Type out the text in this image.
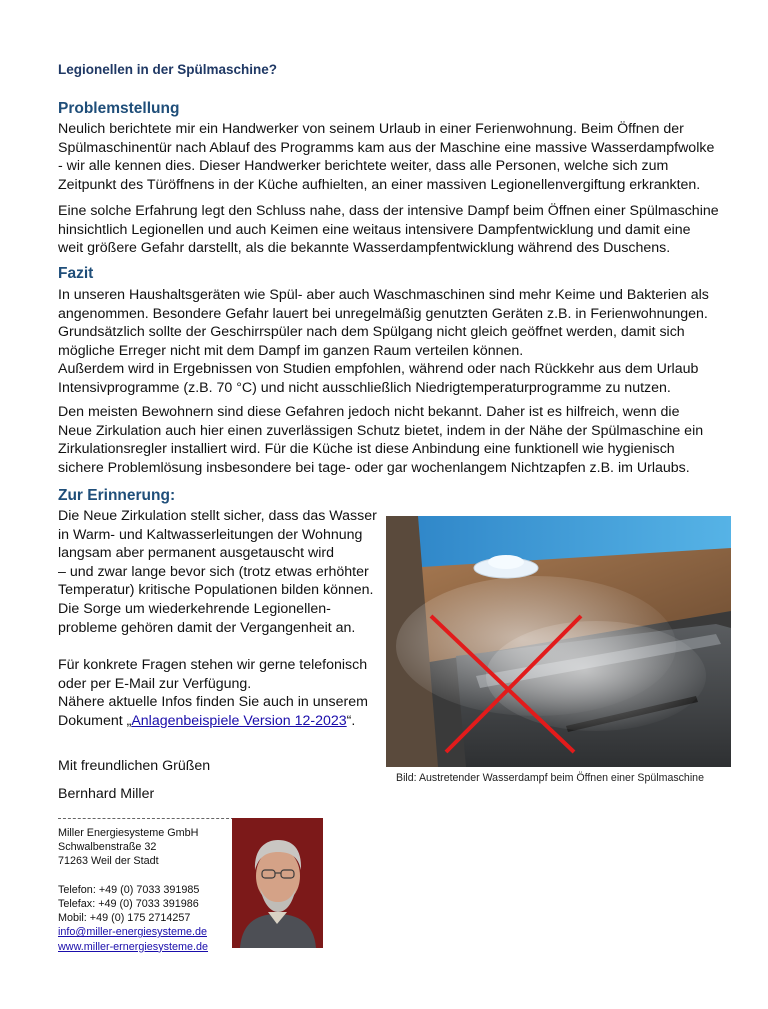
Legionellen in der Spülmaschine?
Problemstellung
Neulich berichtete mir ein Handwerker von seinem Urlaub in einer Ferienwohnung. Beim Öffnen der
Spülmaschinentür nach Ablauf des Programms kam aus der Maschine eine massive Wasserdampfwolke
- wir alle kennen dies. Dieser Handwerker berichtete weiter, dass alle Personen, welche sich zum
Zeitpunkt des Türöffnens in der Küche aufhielten, an einer massiven Legionellenvergiftung erkrankten.
Eine solche Erfahrung legt den Schluss nahe, dass der intensive Dampf beim Öffnen einer Spülmaschine
hinsichtlich Legionellen und auch Keimen eine weitaus intensivere Dampfentwicklung und damit eine
weit größere Gefahr darstellt, als die bekannte Wasserdampfentwicklung während des Duschens.
Fazit
In unseren Haushaltsgeräten wie Spül- aber auch Waschmaschinen sind mehr Keime und Bakterien als
angenommen. Besondere Gefahr lauert bei unregelmäßig genutzten Geräten z.B. in Ferienwohnungen.
Grundsätzlich sollte der Geschirrspüler nach dem Spülgang nicht gleich geöffnet werden, damit sich
mögliche Erreger nicht mit dem Dampf im ganzen Raum verteilen können.
Außerdem wird in Ergebnissen von Studien empfohlen, während oder nach Rückkehr aus dem Urlaub
Intensivprogramme (z.B. 70 °C) und nicht ausschließlich Niedrigtemperaturprogramme zu nutzen.
Den meisten Bewohnern sind diese Gefahren jedoch nicht bekannt. Daher ist es hilfreich, wenn die
Neue Zirkulation auch hier einen zuverlässigen Schutz bietet, indem in der Nähe der Spülmaschine ein
Zirkulationsregler installiert wird. Für die Küche ist diese Anbindung eine funktionell wie hygienisch
sichere Problemlösung insbesondere bei tage- oder gar wochenlangem Nichtzapfen z.B. im Urlaubs.
Zur Erinnerung:
Die Neue Zirkulation stellt sicher, dass das Wasser
in Warm- und Kaltwasserleitungen der Wohnung
langsam aber permanent ausgetauscht wird
– und zwar lange bevor sich (trotz etwas erhöhter
Temperatur) kritische Populationen bilden können.
Die Sorge um wiederkehrende Legionellen-
probleme gehören damit der Vergangenheit an.
Für konkrete Fragen stehen wir gerne telefonisch
oder per E-Mail zur Verfügung.
Nähere aktuelle Infos finden Sie auch in unserem
Dokument „Anlagenbeispiele Version 12-2023“.
Mit freundlichen Grüßen
Bernhard Miller
Miller Energiesysteme GmbH
Schwalbenstraße 32
71263 Weil der Stadt
Telefon: +49 (0) 7033 391985
Telefax: +49 (0) 7033 391986
Mobil: +49 (0) 175 2714257
info@miller-energiesysteme.de
www.miller-ernergiesysteme.de
Bild: Austretender Wasserdampf beim Öffnen einer Spülmaschine
